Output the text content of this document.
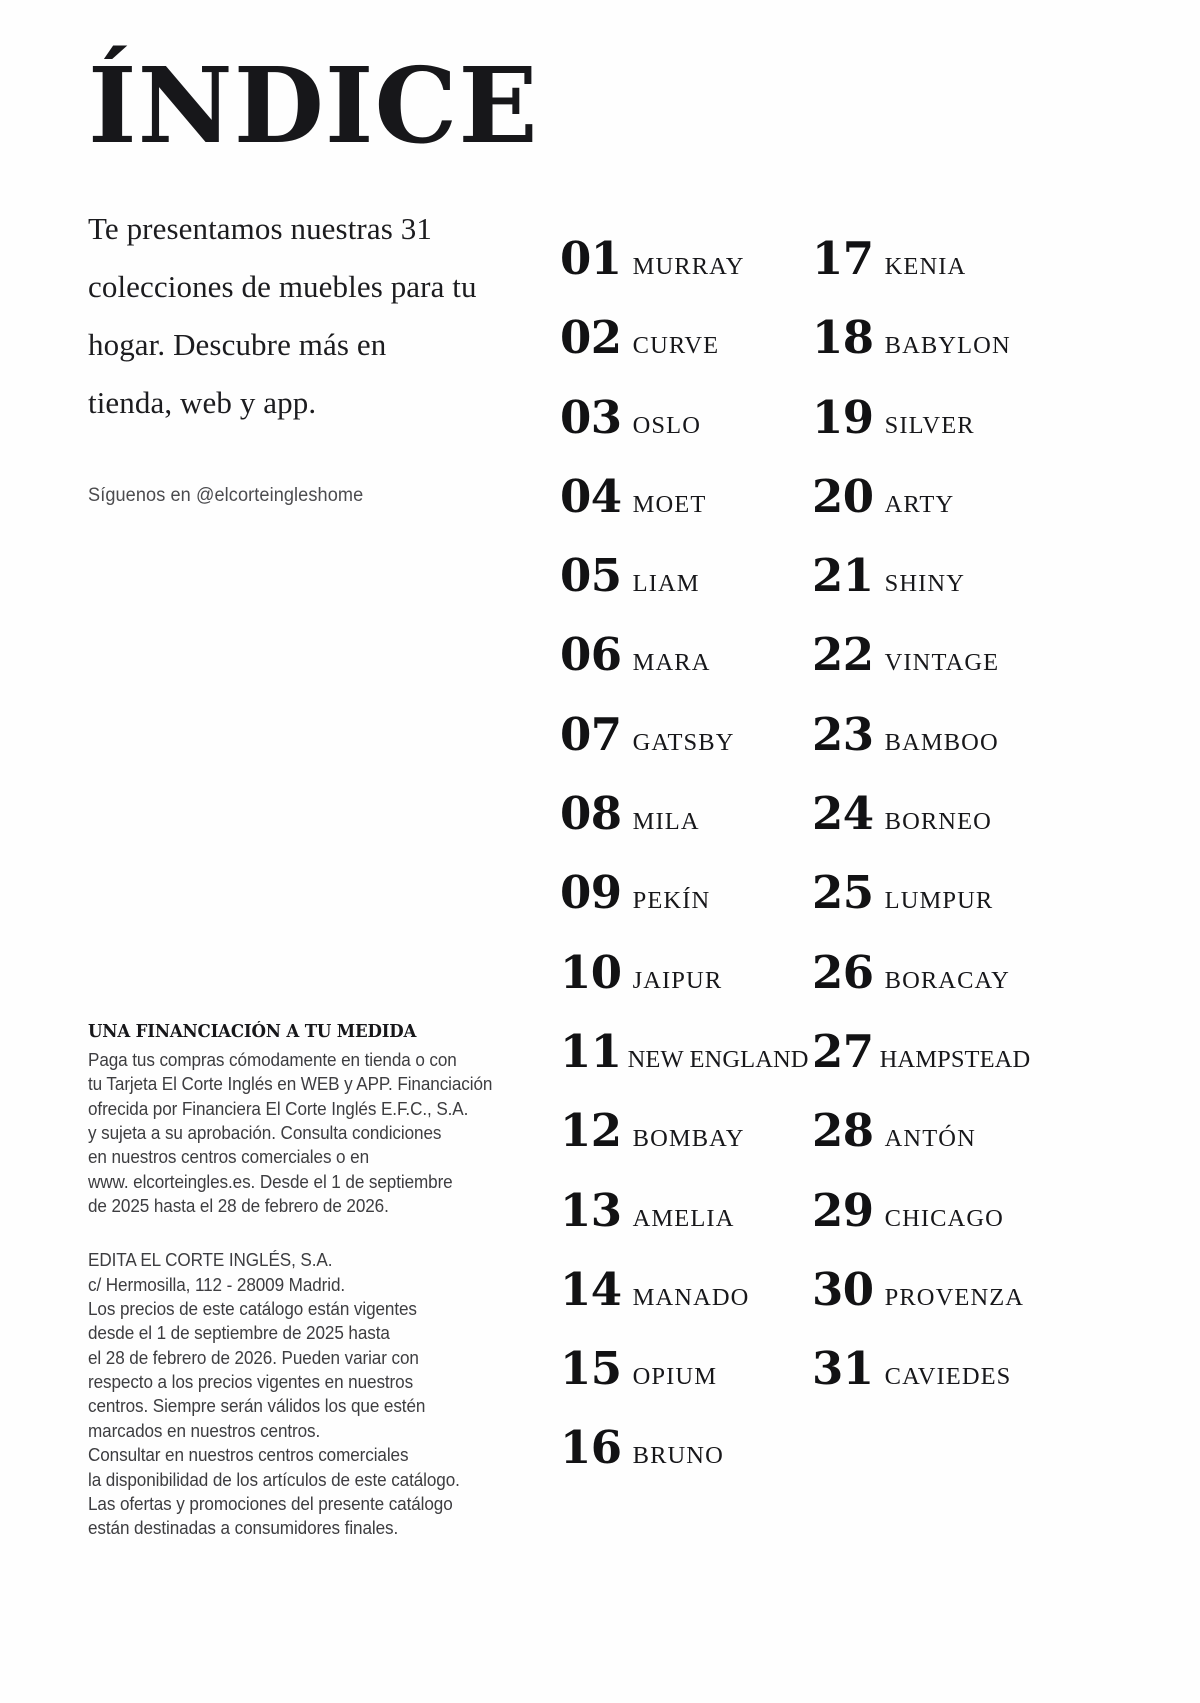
ÍNDICE

Te presentamos nuestras 31 colecciones de muebles para tu hogar. Descubre más en tienda, web y app.

Síguenos en @elcorteingleshome
UNA FINANCIACIÓN A TU MEDIDA
Paga tus compras cómodamente en tienda o con
tu Tarjeta El Corte Inglés en WEB y APP. Financiación
ofrecida por Financiera El Corte Inglés E.F.C., S.A.
y sujeta a su aprobación. Consulta condiciones
en nuestros centros comerciales o en
www. elcorteingles.es. Desde el 1 de septiembre
de 2025 hasta el 28 de febrero de 2026.
EDITA EL CORTE INGLÉS, S.A.
c/ Hermosilla, 112 - 28009 Madrid.
Los precios de este catálogo están vigentes
desde el 1 de septiembre de 2025 hasta
el 28 de febrero de 2026. Pueden variar con
respecto a los precios vigentes en nuestros
centros. Siempre serán válidos los que estén
marcados en nuestros centros.
Consultar en nuestros centros comerciales
la disponibilidad de los artículos de este catálogo.
Las ofertas y promociones del presente catálogo
están destinadas a consumidores finales.
01 MURRAY
02 CURVE
03 OSLO
04 MOET
05 LIAM
06 MARA
07 GATSBY
08 MILA
09 PEKÍN
10 JAIPUR
11 NEW ENGLAND
12 BOMBAY
13 AMELIA
14 MANADO
15 OPIUM
16 BRUNO
17 KENIA
18 BABYLON
19 SILVER
20 ARTY
21 SHINY
22 VINTAGE
23 BAMBOO
24 BORNEO
25 LUMPUR
26 BORACAY
27 HAMPSTEAD
28 ANTÓN
29 CHICAGO
30 PROVENZA
31 CAVIEDES
